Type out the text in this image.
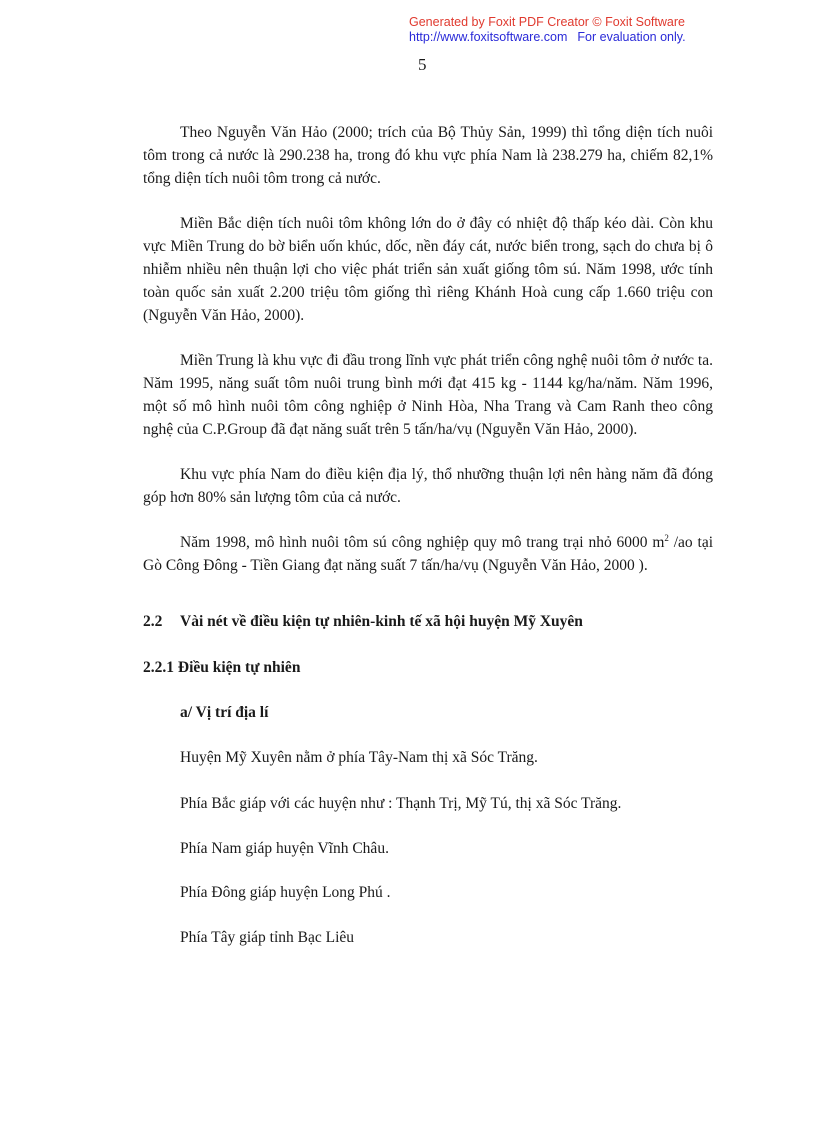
Generated by Foxit PDF Creator © Foxit Software
http://www.foxitsoftware.com For evaluation only.
5

Theo Nguyễn Văn Hảo (2000; trích của Bộ Thủy Sản, 1999) thì tổng diện tích nuôi tôm trong cả nước là 290.238 ha, trong đó khu vực phía Nam là 238.279 ha, chiếm 82,1% tổng diện tích nuôi tôm trong cả nước.

Miền Bắc diện tích nuôi tôm không lớn do ở đây có nhiệt độ thấp kéo dài. Còn khu vực Miền Trung do bờ biển uốn khúc, dốc, nền đáy cát, nước biển trong, sạch do chưa bị ô nhiễm nhiều nên thuận lợi cho việc phát triển sản xuất giống tôm sú. Năm 1998, ước tính toàn quốc sản xuất 2.200 triệu tôm giống thì riêng Khánh Hoà cung cấp 1.660 triệu con (Nguyễn Văn Hảo, 2000).

Miền Trung là khu vực đi đầu trong lĩnh vực phát triển công nghệ nuôi tôm ở nước ta. Năm 1995, năng suất tôm nuôi trung bình mới đạt 415 kg - 1144 kg/ha/năm. Năm 1996, một số mô hình nuôi tôm công nghiệp ở Ninh Hòa, Nha Trang và Cam Ranh theo công nghệ của C.P.Group đã đạt năng suất trên 5 tấn/ha/vụ (Nguyễn Văn Hảo, 2000).

Khu vực phía Nam do điều kiện địa lý, thổ nhưỡng thuận lợi nên hàng năm đã đóng góp hơn 80% sản lượng tôm của cả nước.

Năm 1998, mô hình nuôi tôm sú công nghiệp quy mô trang trại nhỏ 6000 $m^2$ /ao tại Gò Công Đông - Tiền Giang đạt năng suất 7 tấn/ha/vụ (Nguyễn Văn Hảo, 2000 ).

2.2 Vài nét về điều kiện tự nhiên-kinh tế xã hội huyện Mỹ Xuyên
2.2.1 Điều kiện tự nhiên
a/ Vị trí địa lí
Huyện Mỹ Xuyên nằm ở phía Tây-Nam thị xã Sóc Trăng.
Phía Bắc giáp với các huyện như : Thạnh Trị, Mỹ Tú, thị xã Sóc Trăng.
Phía Nam giáp huyện Vĩnh Châu.
Phía Đông giáp huyện Long Phú .
Phía Tây giáp tỉnh Bạc Liêu
